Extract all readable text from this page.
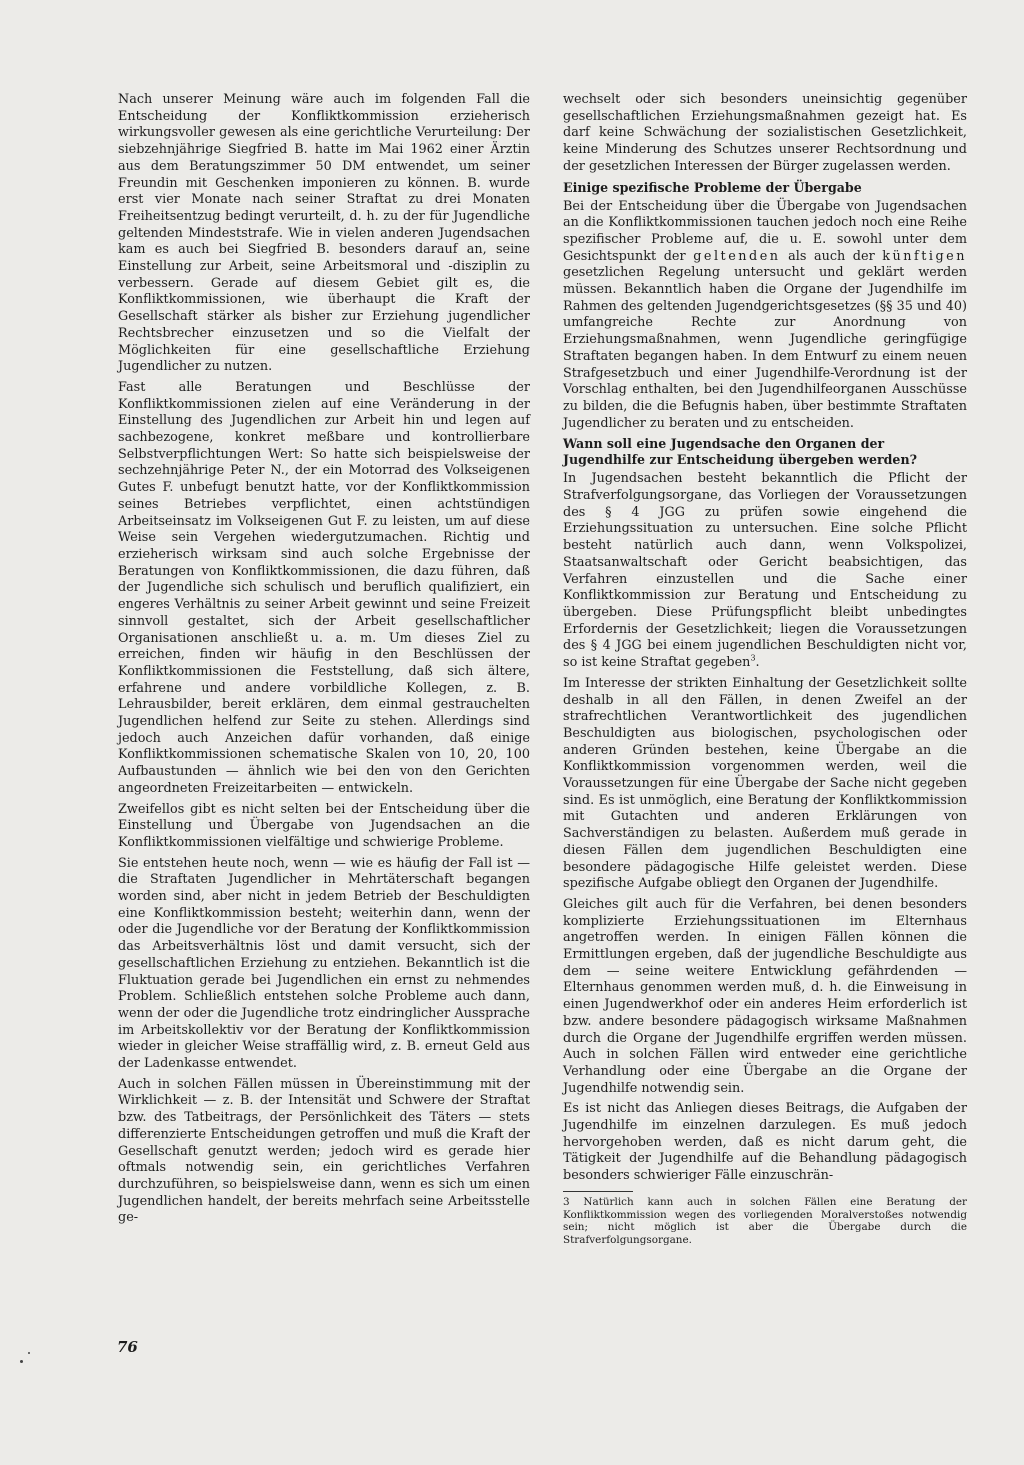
Nach unserer Meinung wäre auch im folgenden Fall die Entscheidung der Konfliktkommission erzieherisch wirkungsvoller gewesen als eine gerichtliche Verurteilung: Der siebzehnjährige Siegfried B. hatte im Mai 1962 einer Ärztin aus dem Beratungszimmer 50 DM entwendet, um seiner Freundin mit Geschenken imponieren zu können. B. wurde erst vier Monate nach seiner Straftat zu drei Monaten Freiheitsentzug bedingt verurteilt, d. h. zu der für Jugendliche geltenden Mindeststrafe. Wie in vielen anderen Jugendsachen kam es auch bei Siegfried B. besonders darauf an, seine Einstellung zur Arbeit, seine Arbeitsmoral und -disziplin zu verbessern. Gerade auf diesem Gebiet gilt es, die Konfliktkommissionen, wie überhaupt die Kraft der Gesellschaft stärker als bisher zur Erziehung jugendlicher Rechtsbrecher einzusetzen und so die Vielfalt der Möglichkeiten für eine gesellschaftliche Erziehung Jugendlicher zu nutzen.

Fast alle Beratungen und Beschlüsse der Konfliktkommissionen zielen auf eine Veränderung in der Einstellung des Jugendlichen zur Arbeit hin und legen auf sachbezogene, konkret meßbare und kontrollierbare Selbstverpflichtungen Wert: So hatte sich beispielsweise der sechzehnjährige Peter N., der ein Motorrad des Volkseigenen Gutes F. unbefugt benutzt hatte, vor der Konfliktkommission seines Betriebes verpflichtet, einen achtstündigen Arbeitseinsatz im Volkseigenen Gut F. zu leisten, um auf diese Weise sein Vergehen wiedergutzumachen. Richtig und erzieherisch wirksam sind auch solche Ergebnisse der Beratungen von Konfliktkommissionen, die dazu führen, daß der Jugendliche sich schulisch und beruflich qualifiziert, ein engeres Verhältnis zu seiner Arbeit gewinnt und seine Freizeit sinnvoll gestaltet, sich der Arbeit gesellschaftlicher Organisationen anschließt u. a. m. Um dieses Ziel zu erreichen, finden wir häufig in den Beschlüssen der Konfliktkommissionen die Feststellung, daß sich ältere, erfahrene und andere vorbildliche Kollegen, z. B. Lehrausbilder, bereit erklären, dem einmal gestrauchelten Jugendlichen helfend zur Seite zu stehen. Allerdings sind jedoch auch Anzeichen dafür vorhanden, daß einige Konfliktkommissionen schematische Skalen von 10, 20, 100 Aufbaustunden — ähnlich wie bei den von den Gerichten angeordneten Freizeitarbeiten — entwickeln.

Zweifellos gibt es nicht selten bei der Entscheidung über die Einstellung und Übergabe von Jugendsachen an die Konfliktkommissionen vielfältige und schwierige Probleme.

Sie entstehen heute noch, wenn — wie es häufig der Fall ist — die Straftaten Jugendlicher in Mehrtäterschaft begangen worden sind, aber nicht in jedem Betrieb der Beschuldigten eine Konfliktkommission besteht; weiterhin dann, wenn der oder die Jugendliche vor der Beratung der Konfliktkommission das Arbeitsverhältnis löst und damit versucht, sich der gesellschaftlichen Erziehung zu entziehen. Bekanntlich ist die Fluktuation gerade bei Jugendlichen ein ernst zu nehmendes Problem. Schließlich entstehen solche Probleme auch dann, wenn der oder die Jugendliche trotz eindringlicher Aussprache im Arbeitskollektiv vor der Beratung der Konfliktkommission wieder in gleicher Weise straffällig wird, z. B. erneut Geld aus der Ladenkasse entwendet.

Auch in solchen Fällen müssen in Übereinstimmung mit der Wirklichkeit — z. B. der Intensität und Schwere der Straftat bzw. des Tatbeitrags, der Persönlichkeit des Täters — stets differenzierte Entscheidungen getroffen und muß die Kraft der Gesellschaft genutzt werden; jedoch wird es gerade hier oftmals notwendig sein, ein gerichtliches Verfahren durchzuführen, so beispielsweise dann, wenn es sich um einen Jugendlichen handelt, der bereits mehrfach seine Arbeitsstelle ge-

wechselt oder sich besonders uneinsichtig gegenüber gesellschaftlichen Erziehungsmaßnahmen gezeigt hat. Es darf keine Schwächung der sozialistischen Gesetzlichkeit, keine Minderung des Schutzes unserer Rechtsordnung und der gesetzlichen Interessen der Bürger zugelassen werden.

Einige spezifische Probleme der Übergabe

Bei der Entscheidung über die Übergabe von Jugendsachen an die Konfliktkommissionen tauchen jedoch noch eine Reihe spezifischer Probleme auf, die u. E. sowohl unter dem Gesichtspunkt der geltenden als auch der künftigen gesetzlichen Regelung untersucht und geklärt werden müssen. Bekanntlich haben die Organe der Jugendhilfe im Rahmen des geltenden Jugendgerichtsgesetzes (§§ 35 und 40) umfangreiche Rechte zur Anordnung von Erziehungsmaßnahmen, wenn Jugendliche geringfügige Straftaten begangen haben. In dem Entwurf zu einem neuen Strafgesetzbuch und einer Jugendhilfe-Verordnung ist der Vorschlag enthalten, bei den Jugendhilfeorganen Ausschüsse zu bilden, die die Befugnis haben, über bestimmte Straftaten Jugendlicher zu beraten und zu entscheiden.

Wann soll eine Jugendsache den Organen der Jugendhilfe zur Entscheidung übergeben werden?

In Jugendsachen besteht bekanntlich die Pflicht der Strafverfolgungsorgane, das Vorliegen der Voraussetzungen des § 4 JGG zu prüfen sowie eingehend die Erziehungssituation zu untersuchen. Eine solche Pflicht besteht natürlich auch dann, wenn Volkspolizei, Staatsanwaltschaft oder Gericht beabsichtigen, das Verfahren einzustellen und die Sache einer Konfliktkommission zur Beratung und Entscheidung zu übergeben. Diese Prüfungspflicht bleibt unbedingtes Erfordernis der Gesetzlichkeit; liegen die Voraussetzungen des § 4 JGG bei einem jugendlichen Beschuldigten nicht vor, so ist keine Straftat gegeben$^3$.

Im Interesse der strikten Einhaltung der Gesetzlichkeit sollte deshalb in all den Fällen, in denen Zweifel an der strafrechtlichen Verantwortlichkeit des jugendlichen Beschuldigten aus biologischen, psychologischen oder anderen Gründen bestehen, keine Übergabe an die Konfliktkommission vorgenommen werden, weil die Voraussetzungen für eine Übergabe der Sache nicht gegeben sind. Es ist unmöglich, eine Beratung der Konfliktkommission mit Gutachten und anderen Erklärungen von Sachverständigen zu belasten. Außerdem muß gerade in diesen Fällen dem jugendlichen Beschuldigten eine besondere pädagogische Hilfe geleistet werden. Diese spezifische Aufgabe obliegt den Organen der Jugendhilfe.

Gleiches gilt auch für die Verfahren, bei denen besonders komplizierte Erziehungssituationen im Elternhaus angetroffen werden. In einigen Fällen können die Ermittlungen ergeben, daß der jugendliche Beschuldigte aus dem — seine weitere Entwicklung gefährdenden — Elternhaus genommen werden muß, d. h. die Einweisung in einen Jugendwerkhof oder ein anderes Heim erforderlich ist bzw. andere besondere pädagogisch wirksame Maßnahmen durch die Organe der Jugendhilfe ergriffen werden müssen. Auch in solchen Fällen wird entweder eine gerichtliche Verhandlung oder eine Übergabe an die Organe der Jugendhilfe notwendig sein.

Es ist nicht das Anliegen dieses Beitrags, die Aufgaben der Jugendhilfe im einzelnen darzulegen. Es muß jedoch hervorgehoben werden, daß es nicht darum geht, die Tätigkeit der Jugendhilfe auf die Behandlung pädagogisch besonders schwieriger Fälle einzuschrän-

3 Natürlich kann auch in solchen Fällen eine Beratung der Konfliktkommission wegen des vorliegenden Moralverstoßes notwendig sein; nicht möglich ist aber die Übergabe durch die Strafverfolgungsorgane.

76
